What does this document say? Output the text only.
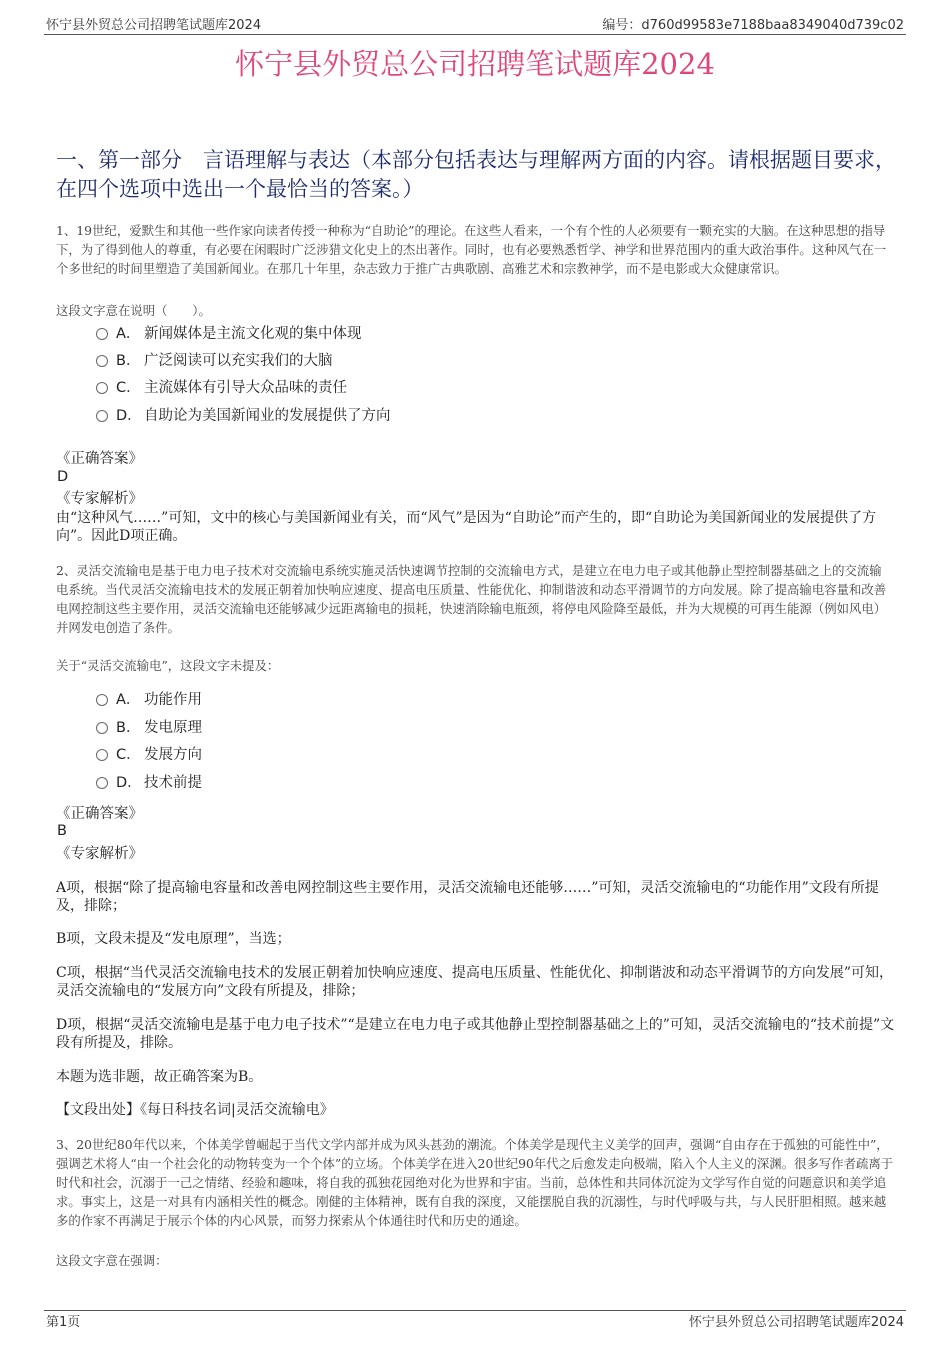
怀宁县外贸总公司招聘笔试题库2024	编号：d760d99583e7188baa8349040d739c02
怀宁县外贸总公司招聘笔试题库2024
一、第一部分　言语理解与表达（本部分包括表达与理解两方面的内容。请根据题目要求，在四个选项中选出一个最恰当的答案。）
1、19世纪，爱默生和其他一些作家向读者传授一种称为“自助论”的理论。在这些人看来，一个有个性的人必须要有一颗充实的大脑。在这种思想的指导下，为了得到他人的尊重，有必要在闲暇时广泛涉猎文化史上的杰出著作。同时，也有必要熟悉哲学、神学和世界范围内的重大政治事件。这种风气在一个多世纪的时间里塑造了美国新闻业。在那几十年里，杂志致力于推广古典歌剧、高雅艺术和宗教神学，而不是电影或大众健康常识。
这段文字意在说明（　　）。
A． 新闻媒体是主流文化观的集中体现
B． 广泛阅读可以充实我们的大脑
C． 主流媒体有引导大众品味的责任
D． 自助论为美国新闻业的发展提供了方向
《正确答案》
D
《专家解析》
由“这种风气……”可知，文中的核心与美国新闻业有关，而“风气”是因为“自助论”而产生的，即“自助论为美国新闻业的发展提供了方向”。因此D项正确。
2、灵活交流输电是基于电力电子技术对交流输电系统实施灵活快速调节控制的交流输电方式，是建立在电力电子或其他静止型控制器基础之上的交流输电系统。当代灵活交流输电技术的发展正朝着加快响应速度、提高电压质量、性能优化、抑制谐波和动态平滑调节的方向发展。除了提高输电容量和改善电网控制这些主要作用，灵活交流输电还能够减少远距离输电的损耗，快速消除输电瓶颈，将停电风险降至最低，并为大规模的可再生能源（例如风电）并网发电创造了条件。
关于“灵活交流输电”，这段文字未提及：
A． 功能作用
B． 发电原理
C． 发展方向
D． 技术前提
《正确答案》
B
《专家解析》
A项，根据“除了提高输电容量和改善电网控制这些主要作用，灵活交流输电还能够……”可知，灵活交流输电的“功能作用”文段有所提及，排除；
B项，文段未提及“发电原理”，当选；
C项，根据“当代灵活交流输电技术的发展正朝着加快响应速度、提高电压质量、性能优化、抑制谐波和动态平滑调节的方向发展”可知，灵活交流输电的“发展方向”文段有所提及，排除；
D项，根据“灵活交流输电是基于电力电子技术”“是建立在电力电子或其他静止型控制器基础之上的”可知，灵活交流输电的“技术前提”文段有所提及，排除。
本题为选非题，故正确答案为B。
【文段出处】《每日科技名词|灵活交流输电》
3、20世纪80年代以来，个体美学曾崛起于当代文学内部并成为风头甚劲的潮流。个体美学是现代主义美学的回声，强调“自由存在于孤独的可能性中”，强调艺术将人“由一个社会化的动物转变为一个个体”的立场。个体美学在进入20世纪90年代之后愈发走向极端，陷入个人主义的深渊。很多写作者疏离于时代和社会，沉溺于一己之情绪、经验和趣味，将自我的孤独花园绝对化为世界和宇宙。当前，总体性和共同体沉淀为文学写作自觉的问题意识和美学追求。事实上，这是一对具有内涵相关性的概念。刚健的主体精神，既有自我的深度，又能摆脱自我的沉溺性，与时代呼吸与共，与人民肝胆相照。越来越多的作家不再满足于展示个体的内心风景，而努力探索从个体通往时代和历史的通途。
这段文字意在强调：
第1页	怀宁县外贸总公司招聘笔试题库2024
